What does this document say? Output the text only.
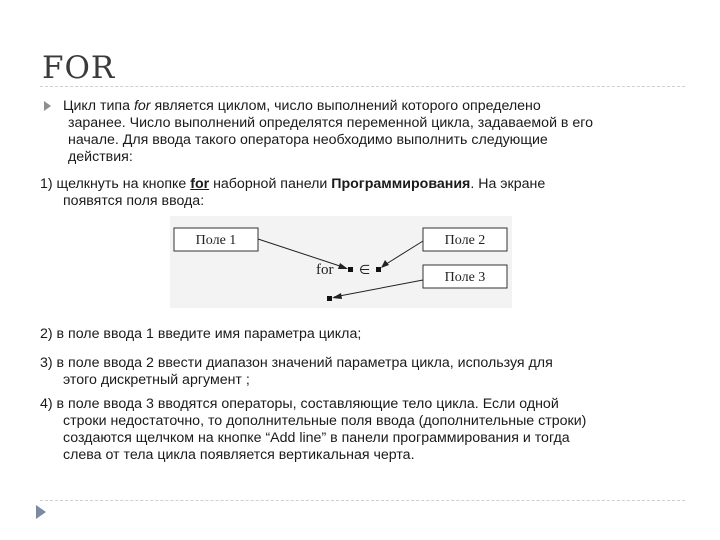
FOR
Цикл типа for является циклом, число выполнений которого определено
заранее. Число выполнений определятся переменной цикла, задаваемой в его
начале. Для ввода такого оператора необходимо выполнить следующие
действия:
1) щелкнуть на кнопке for наборной панели Программирования. На экране
появятся поля ввода:
Поле 1	Поле 2
Поле 3
for ∈
2) в поле ввода 1 введите имя параметра цикла;
3) в поле ввода 2 ввести диапазон значений параметра цикла, используя для
этого дискретный аргумент ;
4) в поле ввода 3 вводятся операторы, составляющие тело цикла. Если одной
строки недостаточно, то дополнительные поля ввода (дополнительные строки)
создаются щелчком на кнопке “Add line” в панели программирования и тогда
слева от тела цикла появляется вертикальная черта.
